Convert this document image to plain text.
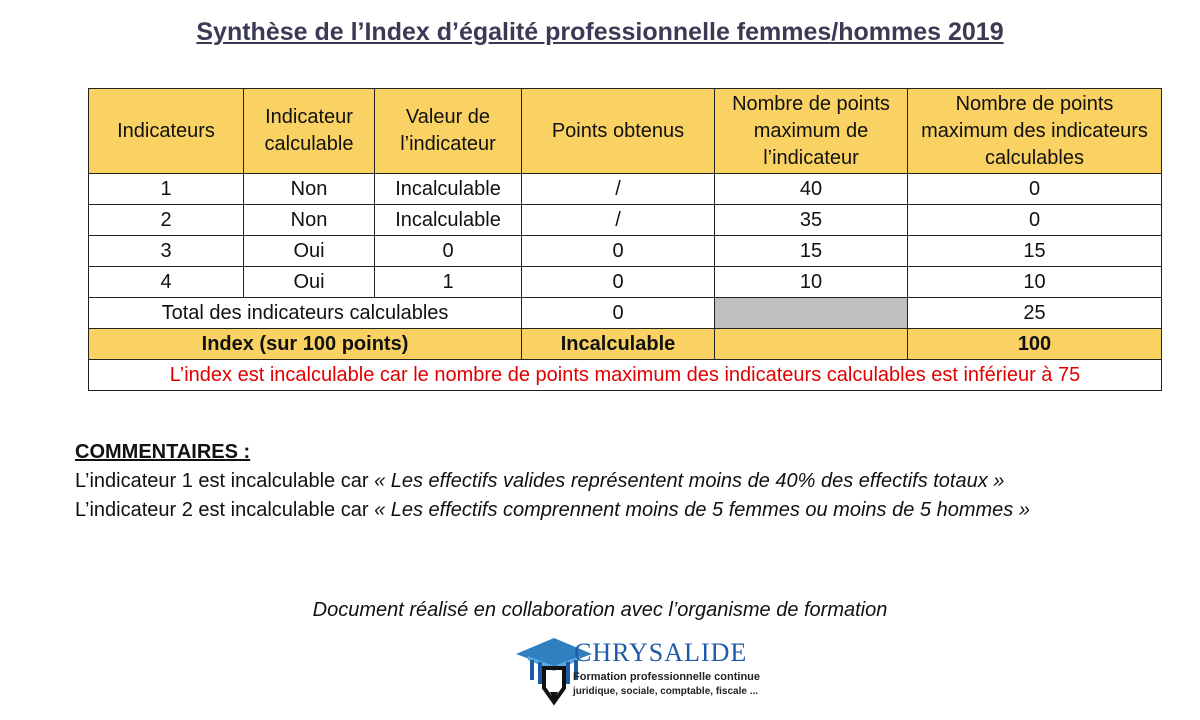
Synthèse de l’Index d’égalité professionnelle femmes/hommes 2019
Indicateurs	Indicateur calculable	Valeur de l’indicateur	Points obtenus	Nombre de points maximum de l’indicateur	Nombre de points maximum des indicateurs calculables
1	Non	Incalculable	/	40	0
2	Non	Incalculable	/	35	0
3	Oui	0	0	15	15
4	Oui	1	0	10	10
Total des indicateurs calculables			0		25
Index (sur 100 points)			Incalculable		100
L’index est incalculable car le nombre de points maximum des indicateurs calculables est inférieur à 75					
COMMENTAIRES :
L’indicateur 1 est incalculable car « Les effectifs valides représentent moins de 40% des effectifs totaux »
L’indicateur 2 est incalculable car « Les effectifs comprennent moins de 5 femmes ou moins de 5 hommes »
Document réalisé en collaboration avec l’organisme de formation
CHRYSALIDE
Formation professionnelle continue
juridique, sociale, comptable, fiscale ...
